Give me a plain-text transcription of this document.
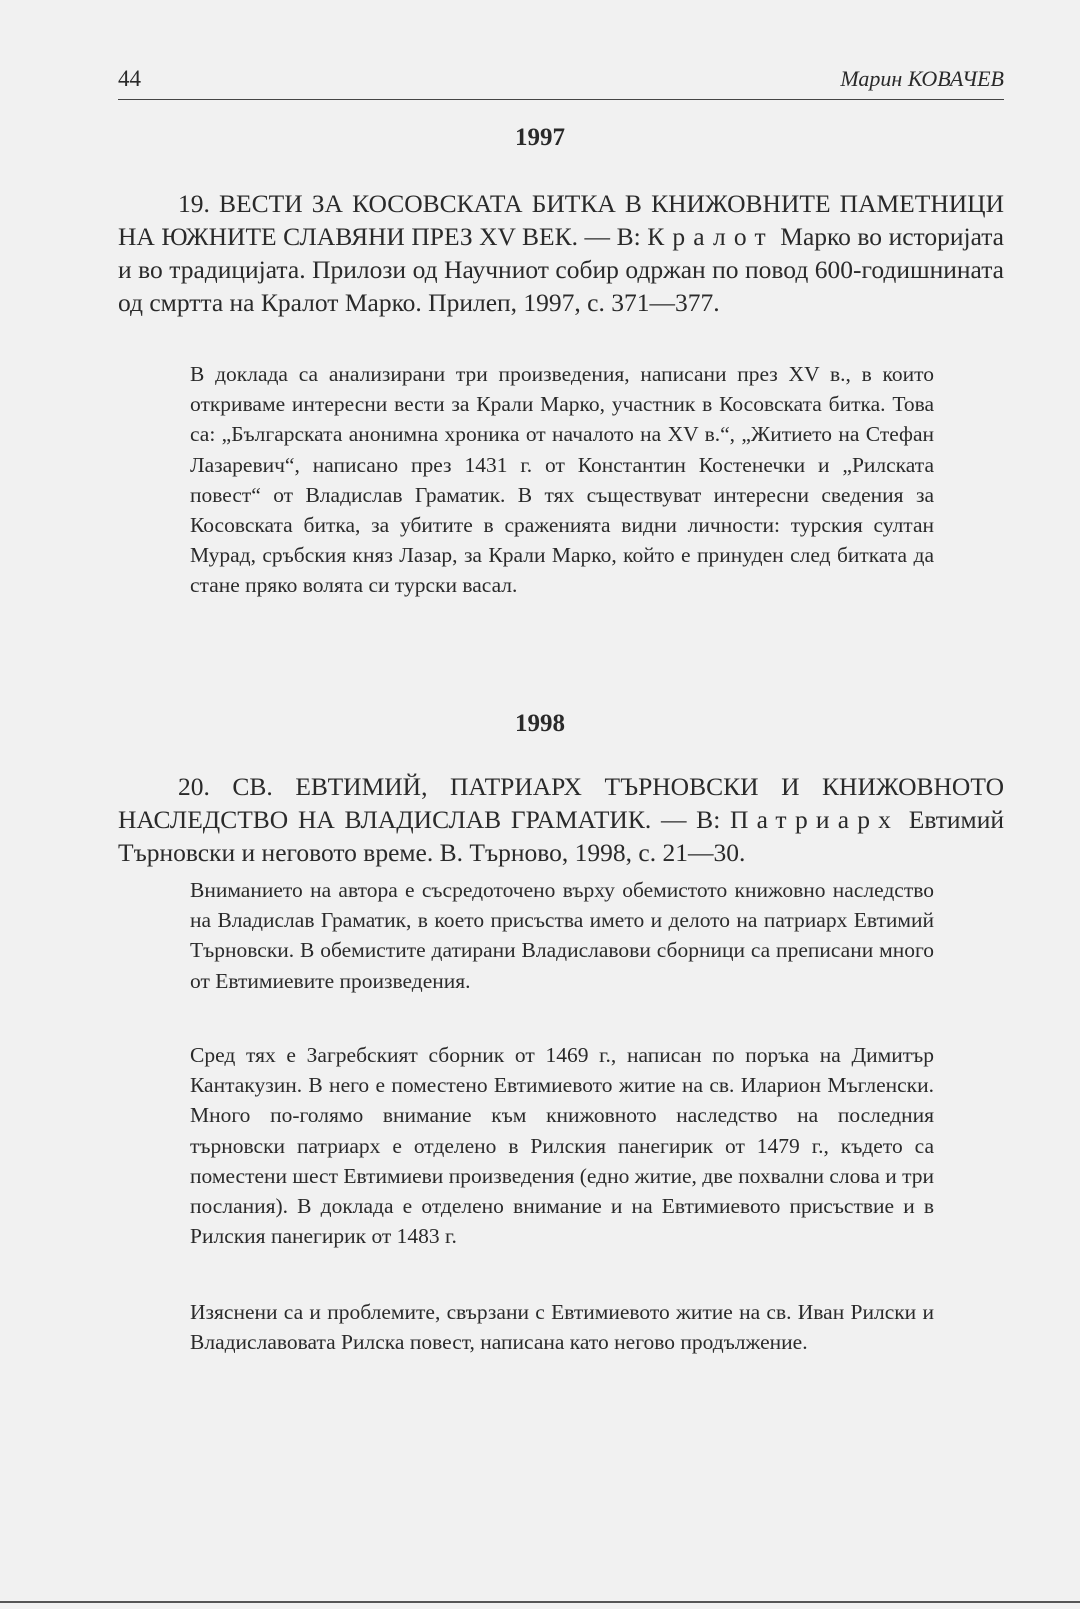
44	Марин КОВАЧЕВ
1997

19. ВЕСТИ ЗА КОСОВСКАТА БИТКА В КНИЖОВНИТЕ ПАМЕТНИЦИ НА ЮЖНИТЕ СЛАВЯНИ ПРЕЗ XV ВЕК. — В: Кралот Марко во историјата и во традицијата. Прилози од Научниот собир одржан по повод 600-годишнината од смртта на Кралот Марко. Прилеп, 1997, с. 371—377.

В доклада са анализирани три произведения, написани през XV в., в които откриваме интересни вести за Крали Марко, участник в Косовската битка. Това са: „Българската анонимна хроника от началото на XV в.“, „Житието на Стефан Лазаревич“, написано през 1431 г. от Константин Костенечки и „Рилската повест“ от Владислав Граматик. В тях съществуват интересни сведения за Косовската битка, за убитите в сраженията видни личности: турския султан Мурад, сръбския княз Лазар, за Крали Марко, който е принуден след битката да стане пряко волята си турски васал.

1998

20. СВ. ЕВТИМИЙ, ПАТРИАРХ ТЪРНОВСКИ И КНИЖОВНОТО НАСЛЕДСТВО НА ВЛАДИСЛАВ ГРАМАТИК. — В: Патриарх Евтимий Търновски и неговото време. В. Търново, 1998, с. 21—30.

Вниманието на автора е съсредоточено върху обемистото книжовно наследство на Владислав Граматик, в което присъства името и делото на патриарх Евтимий Търновски. В обемистите датирани Владиславови сборници са преписани много от Евтимиевите произведения.

Сред тях е Загребският сборник от 1469 г., написан по поръка на Димитър Кантакузин. В него е поместено Евтимиевото житие на св. Иларион Мъгленски. Много по-голямо внимание към книжовното наследство на последния търновски патриарх е отделено в Рилския панегирик от 1479 г., където са поместени шест Евтимиеви произведения (едно житие, две похвални слова и три послания). В доклада е отделено внимание и на Евтимиевото присъствие и в Рилския панегирик от 1483 г.

Изяснени са и проблемите, свързани с Евтимиевото житие на св. Иван Рилски и Владиславовата Рилска повест, написана като негово продължение.
